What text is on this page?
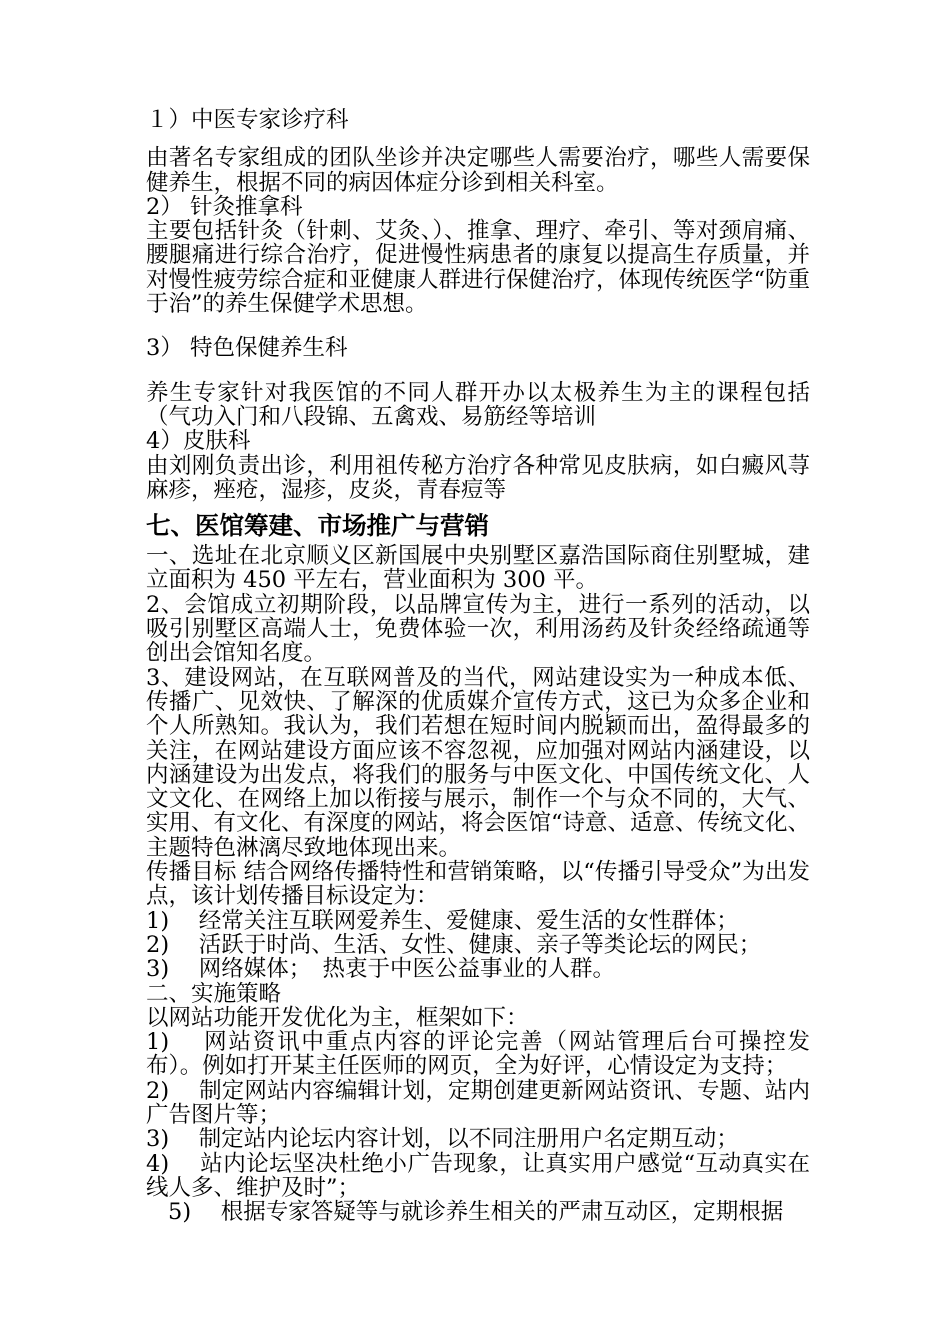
１）中医专家诊疗科

由著名专家组成的团队坐诊并决定哪些人需要治疗，哪些人需要保健养生，根据不同的病因体症分诊到相关科室。

2） 针灸推拿科

主要包括针灸（针刺、艾灸、）、推拿、理疗、牵引、等对颈肩痛、腰腿痛进行综合治疗，促进慢性病患者的康复以提高生存质量，并对慢性疲劳综合症和亚健康人群进行保健治疗，体现传统医学“防重于治”的养生保健学术思想。

3） 特色保健养生科

养生专家针对我医馆的不同人群开办以太极养生为主的课程包括（气功入门和八段锦、五禽戏、易筋经等培训

4）皮肤科

由刘刚负责出诊，利用祖传秘方治疗各种常见皮肤病，如白癜风荨麻疹，痤疮，湿疹，皮炎，青春痘等

七、医馆筹建、市场推广与营销

一、选址在北京顺义区新国展中央别墅区嘉浩国际商住别墅城，建立面积为 450 平左右，营业面积为 300 平。

2、会馆成立初期阶段，以品牌宣传为主，进行一系列的活动，以吸引别墅区高端人士，免费体验一次，利用汤药及针灸经络疏通等创出会馆知名度。

3、建设网站，在互联网普及的当代，网站建设实为一种成本低、传播广、见效快、了解深的优质媒介宣传方式，这已为众多企业和个人所熟知。我认为，我们若想在短时间内脱颖而出，盈得最多的关注，在网站建设方面应该不容忽视，应加强对网站内涵建设，以内涵建设为出发点，将我们的服务与中医文化、中国传统文化、人文文化、在网络上加以衔接与展示，制作一个与众不同的，大气、实用、有文化、有深度的网站，将会医馆“诗意、适意、传统文化、主题特色淋漓尽致地体现出来。

传播目标 结合网络传播特性和营销策略，以“传播引导受众”为出发点，该计划传播目标设定为：

1)　 经常关注互联网爱养生、爱健康、爱生活的女性群体；

2)　 活跃于时尚、生活、女性、健康、亲子等类论坛的网民；

3)　 网络媒体；　热衷于中医公益事业的人群。

二、实施策略

以网站功能开发优化为主，框架如下：

1)　 网站资讯中重点内容的评论完善（网站管理后台可操控发布）。例如打开某主任医师的网页，全为好评，心情设定为支持；

2)　 制定网站内容编辑计划，定期创建更新网站资讯、专题、站内广告图片等；

3)　 制定站内论坛内容计划，以不同注册用户名定期互动；

4)　 站内论坛坚决杜绝小广告现象，让真实用户感觉“互动真实在线人多、维护及时”；

5)　 根据专家答疑等与就诊养生相关的严肃互动区，定期根据
